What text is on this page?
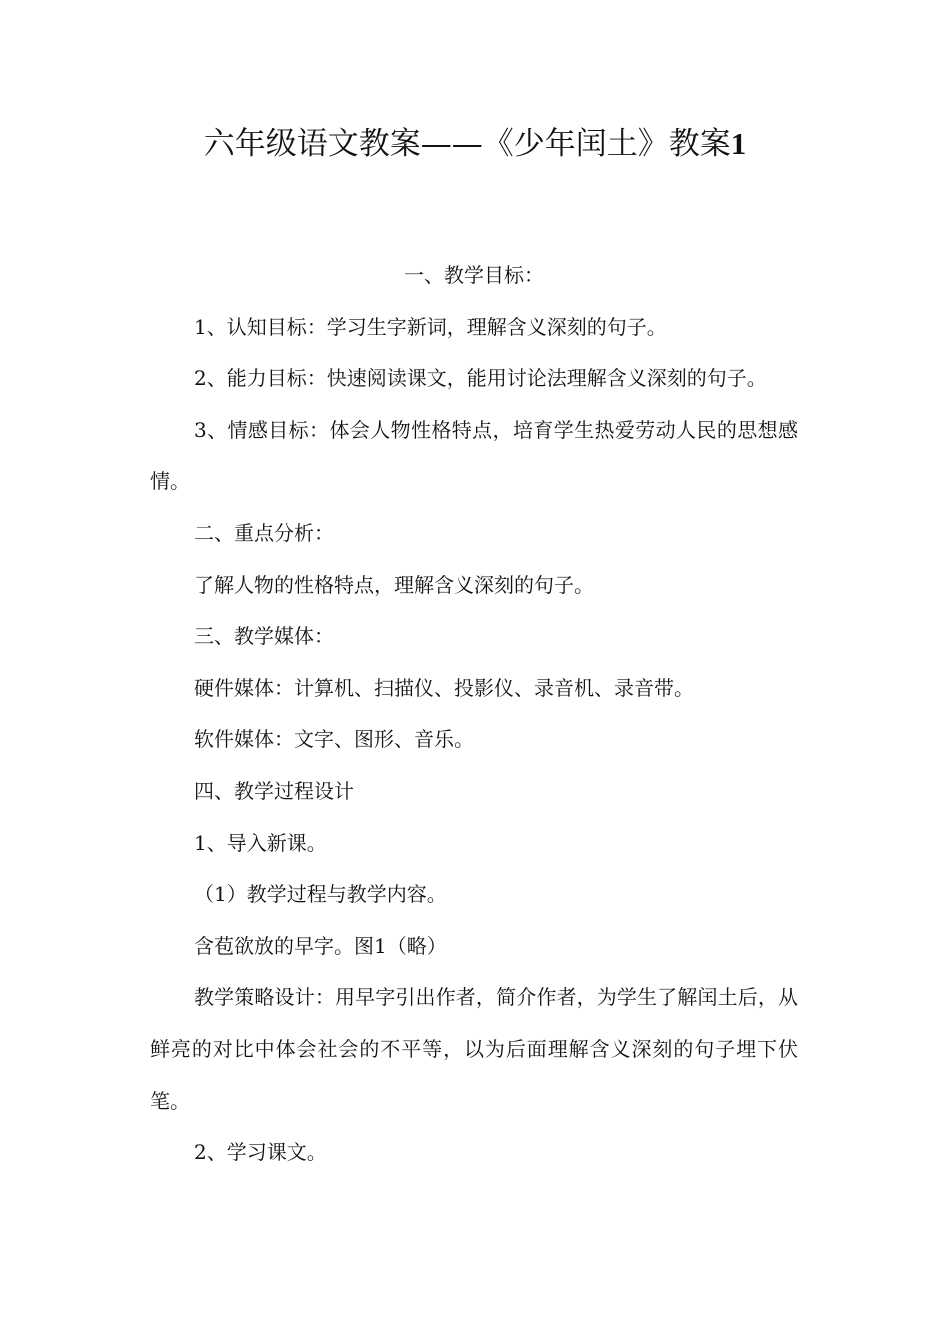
六年级语文教案——《少年闰土》教案1

一、教学目标：

1、认知目标：学习生字新词，理解含义深刻的句子。

2、能力目标：快速阅读课文，能用讨论法理解含义深刻的句子。

3、情感目标：体会人物性格特点，培育学生热爱劳动人民的思想感情。

二、重点分析：

了解人物的性格特点，理解含义深刻的句子。

三、教学媒体：

硬件媒体：计算机、扫描仪、投影仪、录音机、录音带。

软件媒体：文字、图形、音乐。

四、教学过程设计

1、导入新课。

（1）教学过程与教学内容。

含苞欲放的早字。图1（略）

教学策略设计：用早字引出作者，简介作者，为学生了解闰土后，从鲜亮的对比中体会社会的不平等，以为后面理解含义深刻的句子埋下伏笔。

2、学习课文。
